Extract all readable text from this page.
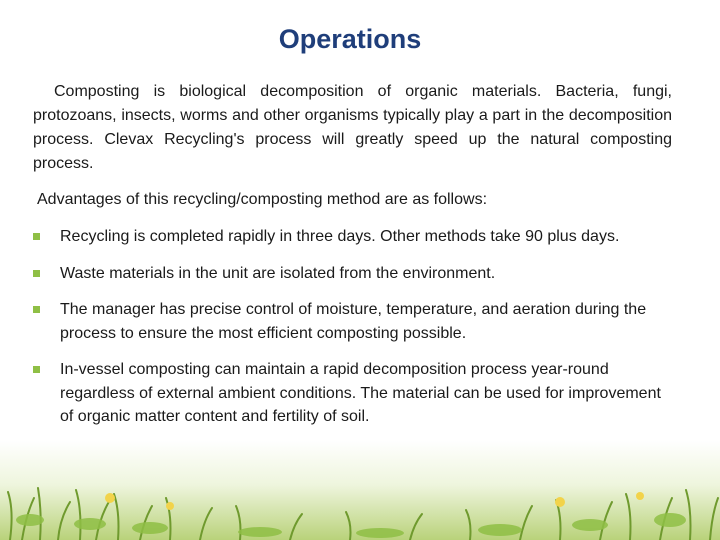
Operations

Composting is biological decomposition of organic materials. Bacteria, fungi, protozoans, insects, worms and other organisms typically play a part in the decomposition process. Clevax Recycling's process will greatly speed up the natural composting process.

Advantages of this recycling/composting method are as follows:

Recycling is completed rapidly in three days. Other methods take 90 plus days.
Waste materials in the unit are isolated from the environment.
The manager has precise control of moisture, temperature, and aeration during the process to ensure the most efficient composting possible.
In-vessel composting can maintain a rapid decomposition process year-round regardless of external ambient conditions. The material can be used for improvement of organic matter content and fertility of soil.
